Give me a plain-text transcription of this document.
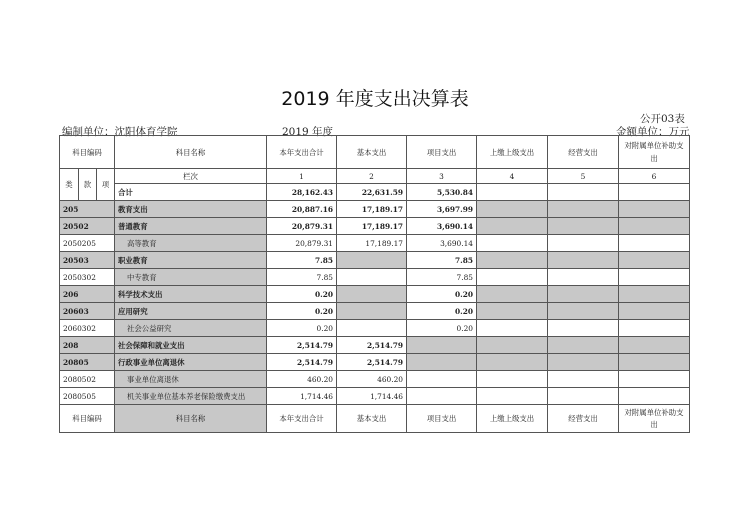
2019 年度支出决算表
公开03表
编制单位：沈阳体育学院	2019 年度	金额单位：万元
科目编码			科目名称	本年支出合计	基本支出	项目支出	上缴上级支出	经营支出	对附属单位补助支出
类	款	项	栏次	1	2	3	4	5	6
			合计	28,162.43	22,631.59	5,530.84			
205			教育支出	20,887.16	17,189.17	3,697.99			
20502			普通教育	20,879.31	17,189.17	3,690.14			
2050205			高等教育	20,879.31	17,189.17	3,690.14			
20503			职业教育	7.85		7.85			
2050302			中专教育	7.85		7.85			
206			科学技术支出	0.20		0.20			
20603			应用研究	0.20		0.20			
2060302			社会公益研究	0.20		0.20			
208			社会保障和就业支出	2,514.79	2,514.79				
20805			行政事业单位离退休	2,514.79	2,514.79				
2080502			事业单位离退休	460.20	460.20				
2080505			机关事业单位基本养老保险缴费支出	1,714.46	1,714.46				
科目编码			科目名称	本年支出合计	基本支出	项目支出	上缴上级支出	经营支出	对附属单位补助支出
